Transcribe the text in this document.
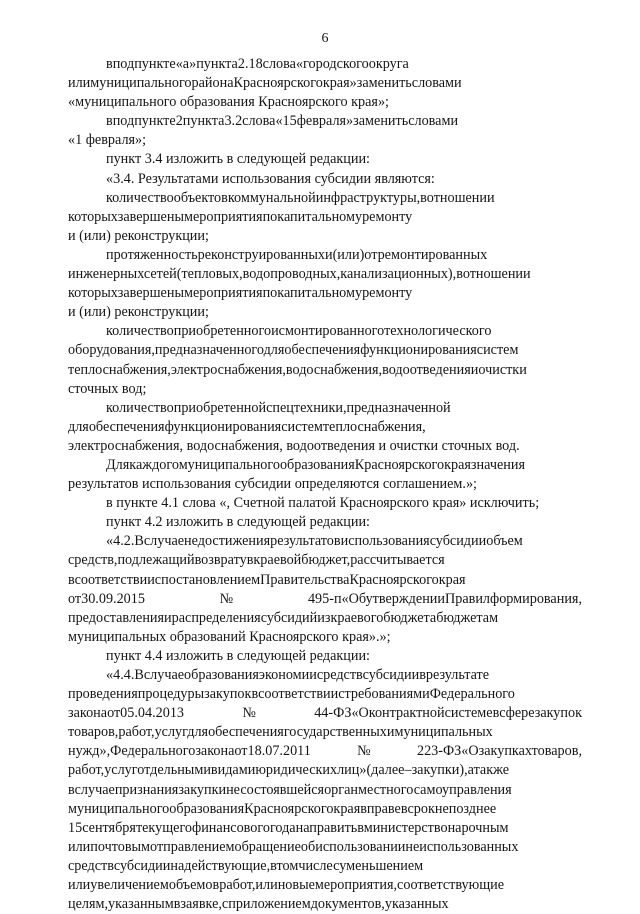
6
вподпунктe«а»пункта2.18слова«городскогоокруга
илимуниципальногорайонаКрасноярскогокрая»заменитьсловами
«муниципального образования Красноярского края»;
вподпункте2пункта3.2слова«15февраля»заменитьсловами
«1 февраля»;
пункт 3.4 изложить в следующей редакции:
«3.4. Результатами использования субсидии являются:
количествообъектовкоммунальнойинфраструктуры,вотношении
которыхзавершенымероприятияпокапитальномуремонту
и (или) реконструкции;
протяженностьреконструированныхи(или)отремонтированных
инженерныхсетей(тепловых,водопроводных,канализационных),вотношении
которыхзавершенымероприятияпокапитальномуремонту
и (или) реконструкции;
количествоприобретенногоисмонтированноготехнологического
оборудования,предназначенногодляобеспеченияфункционированиясистем
теплоснабжения,электроснабжения,водоснабжения,водоотведенияиочистки
сточных вод;
количествоприобретеннойспецтехники,предназначенной
дляобеспеченияфункционированиясистемтеплоснабжения,
электроснабжения, водоснабжения, водоотведения и очистки сточных вод.
ДлякаждогомуниципальногообразованияКрасноярскогокраязначения
результатов использования субсидии определяются соглашением.»;
в пункте 4.1 слова «, Счетной палатой Красноярского края» исключить;
пункт 4.2 изложить в следующей редакции:
«4.2.Вслучаенедостижениярезультатовиспользованиясубсидииобъем
средств,подлежащийвозвратувкраевойбюджет,рассчитывается
всоответствииспостановлениемПравительстваКрасноярскогокрая
от30.09.2015№495-п«ОбутвержденииПравилформирования,
предоставленияираспределениясубсидийизкраевогобюджетабюджетам
муниципальных образований Красноярского края».»;
пункт 4.4 изложить в следующей редакции:
«4.4.Вслучаеобразованияэкономиисредствсубсидииврезультате
проведенияпроцедурызакупоквсоответствиистребованиямиФедерального
законаот05.04.2013№44-ФЗ«Оконтрактнойсистемевсферезакупок
товаров,работ,услугдляобеспечениягосударственныхимуниципальных
нужд»,Федеральногозаконаот18.07.2011№223-ФЗ«Озакупкахтоваров,
работ,услуготдельнымивидамиюридическихлиц»(далее–закупки),атакже
вслучаепризнаниязакупкинесостоявшейсяорганместногосамоуправления
муниципальногообразованияКрасноярскогокраявправевсрокнепозднее
15сентябрятекущегофинансовогогоданаправитьвминистерствонарочным
илипочтовымотправлениемобращениеобиспользованиинеиспользованных
средствсубсидиинадействующие,втомчислесуменьшением
илиувеличениемобъемовработ,илиновыемероприятия,соответствующие
целям,указаннымвзаявке,сприложениемдокументов,указанных
